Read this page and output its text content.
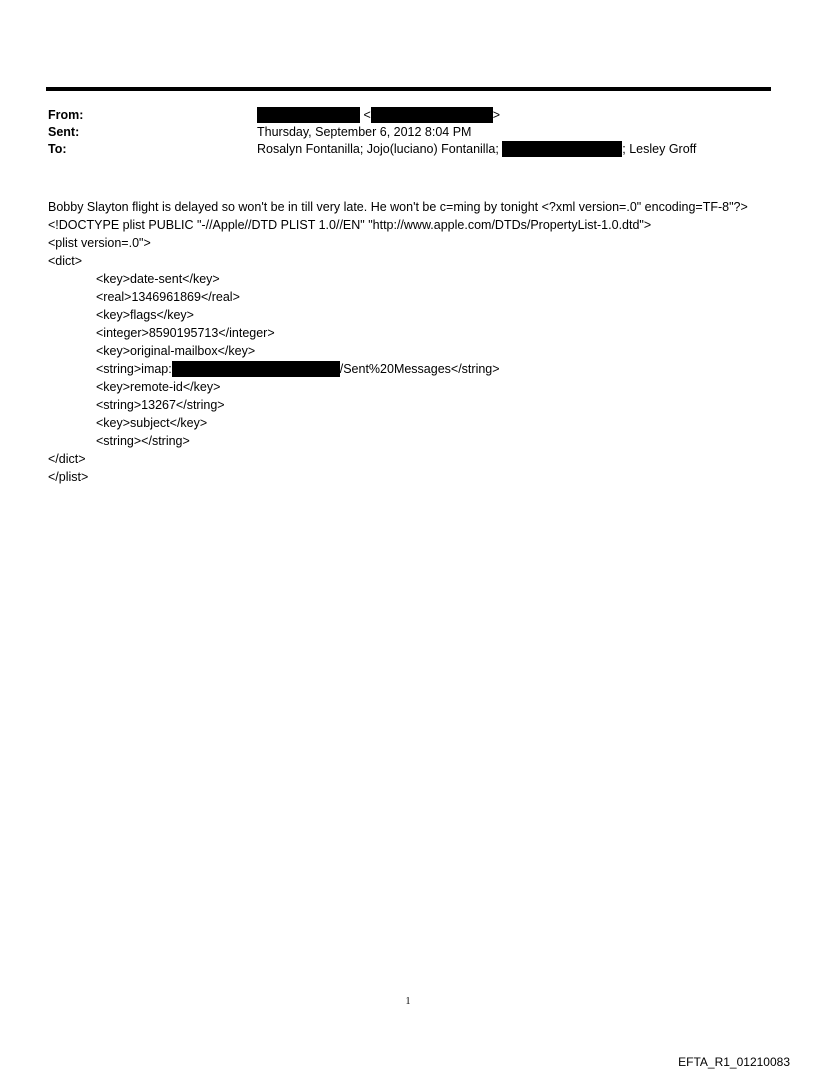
From:	<	>
Sent:	Thursday, September 6, 2012 8:04 PM
To:	Rosalyn Fontanilla; Jojo(luciano) Fontanilla;	; Lesley Groff

Bobby Slayton flight is delayed so won't be in till very late. He won't be c=ming by tonight <?xml version=.0" encoding=TF-8"?> <!DOCTYPE plist PUBLIC "-//Apple//DTD PLIST 1.0//EN" "http://www.apple.com/DTDs/PropertyList-1.0.dtd">

<plist version=.0">
<dict>
<key>date-sent</key>
<real>1346961869</real>
<key>flags</key>
<integer>8590195713</integer>
<key>original-mailbox</key>
<string>imap:	/Sent%20Messages</string>
<key>remote-id</key>
<string>13267</string>
<key>subject</key>
<string></string>
</dict>
</plist>
1
EFTA_R1_01210083
